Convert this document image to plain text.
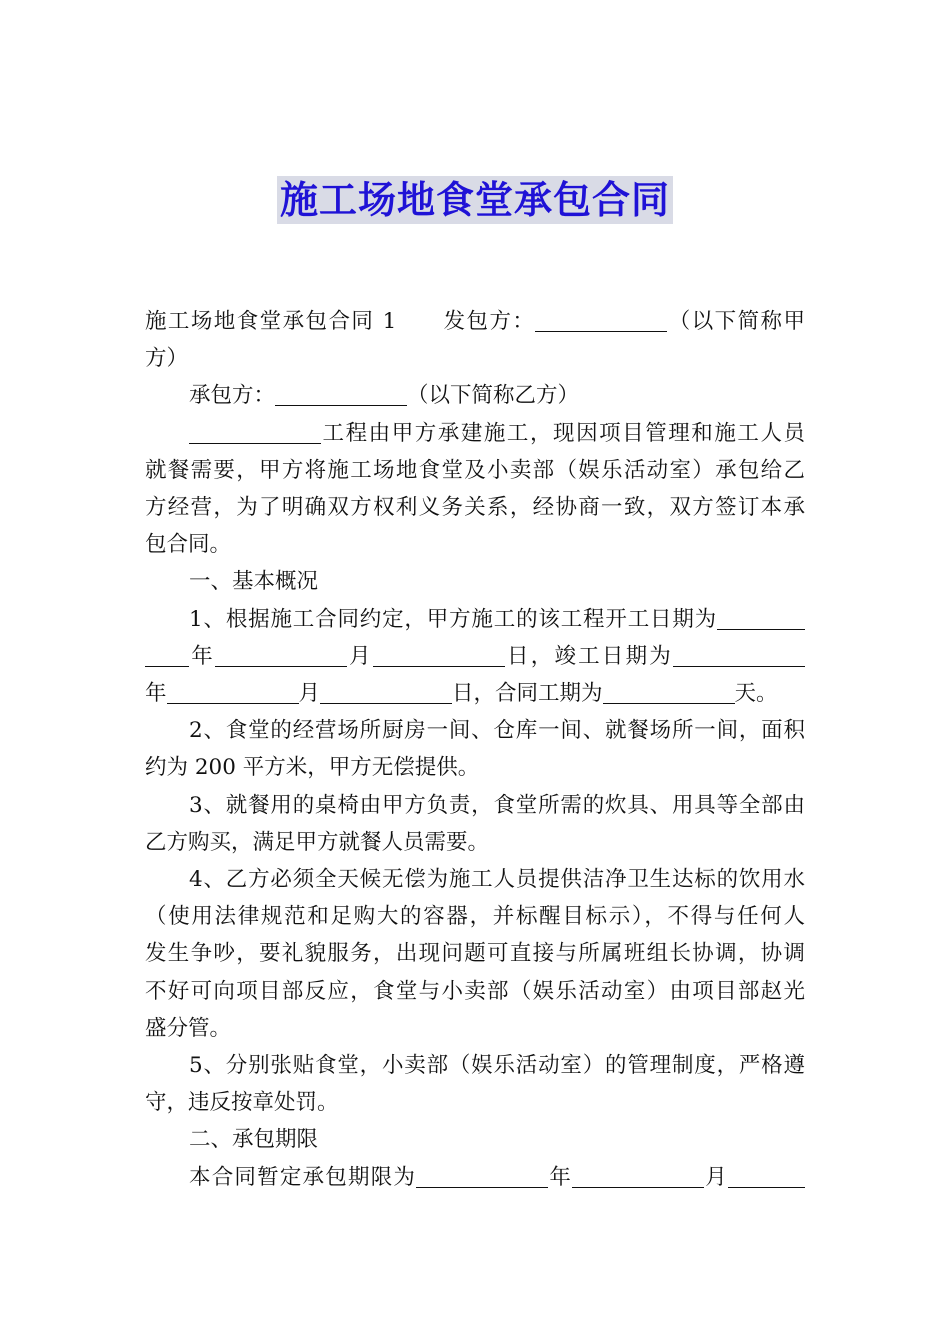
施工场地食堂承包合同
施工场地食堂承包合同 1　　发包方：	（以下简称甲
方）
承包方：	（以下简称乙方）
工程由甲方承建施工，现因项目管理和施工人员
就餐需要，甲方将施工场地食堂及小卖部（娱乐活动室）承包给乙
方经营，为了明确双方权利义务关系，经协商一致，双方签订本承
包合同。
一、基本概况
1、根据施工合同约定，甲方施工的该工程开工日期为
年	月	日，竣工日期为
年	月	日，合同工期为	天。
2、食堂的经营场所厨房一间、仓库一间、就餐场所一间，面积
约为 200 平方米，甲方无偿提供。
3、就餐用的桌椅由甲方负责，食堂所需的炊具、用具等全部由
乙方购买，满足甲方就餐人员需要。
4、乙方必须全天候无偿为施工人员提供洁净卫生达标的饮用水
（使用法律规范和足购大的容器，并标醒目标示），不得与任何人
发生争吵，要礼貌服务，出现问题可直接与所属班组长协调，协调
不好可向项目部反应，食堂与小卖部（娱乐活动室）由项目部赵光
盛分管。
5、分别张贴食堂，小卖部（娱乐活动室）的管理制度，严格遵
守，违反按章处罚。
二、承包期限
本合同暂定承包期限为	年	月
